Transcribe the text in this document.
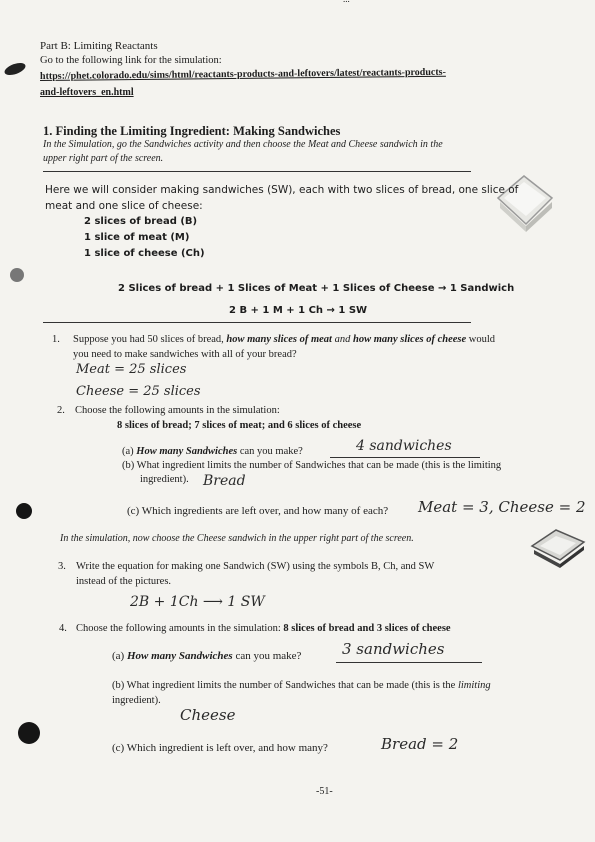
Part B: Limiting Reactants
Go to the following link for the simulation:
https://phet.colorado.edu/sims/html/reactants-products-and-leftovers/latest/reactants-products-
and-leftovers_en.html
1. Finding the Limiting Ingredient: Making Sandwiches
In the Simulation, go the Sandwiches activity and then choose the Meat and Cheese sandwich in the
upper right part of the screen.
Here we will consider making sandwiches (SW), each with two slices of bread, one slice of
meat and one slice of cheese:
2 slices of bread (B)
1 slice of meat (M)
1 slice of cheese (Ch)
2 Slices of bread + 1 Slices of Meat + 1 Slices of Cheese → 1 Sandwich
2 B + 1 M + 1 Ch → 1 SW
1. Suppose you had 50 slices of bread, how many slices of meat and how many slices of cheese would
you need to make sandwiches with all of your bread?
Meat = 25 slices
Cheese = 25 slices
2. Choose the following amounts in the simulation:
8 slices of bread; 7 slices of meat; and 6 slices of cheese
(a) How many Sandwiches can you make?	4 sandwiches
(b) What ingredient limits the number of Sandwiches that can be made (this is the limiting
ingredient). Bread
(c) Which ingredients are left over, and how many of each? Meat = 3, Cheese = 2
In the simulation, now choose the Cheese sandwich in the upper right part of the screen.
3. Write the equation for making one Sandwich (SW) using the symbols B, Ch, and SW
instead of the pictures.
2B + 1Ch ⟶ 1 SW
4. Choose the following amounts in the simulation: 8 slices of bread and 3 slices of cheese
(a) How many Sandwiches can you make?	3 sandwiches
(b) What ingredient limits the number of Sandwiches that can be made (this is the limiting
ingredient).
Cheese
(c) Which ingredient is left over, and how many?	Bread = 2
-51-
